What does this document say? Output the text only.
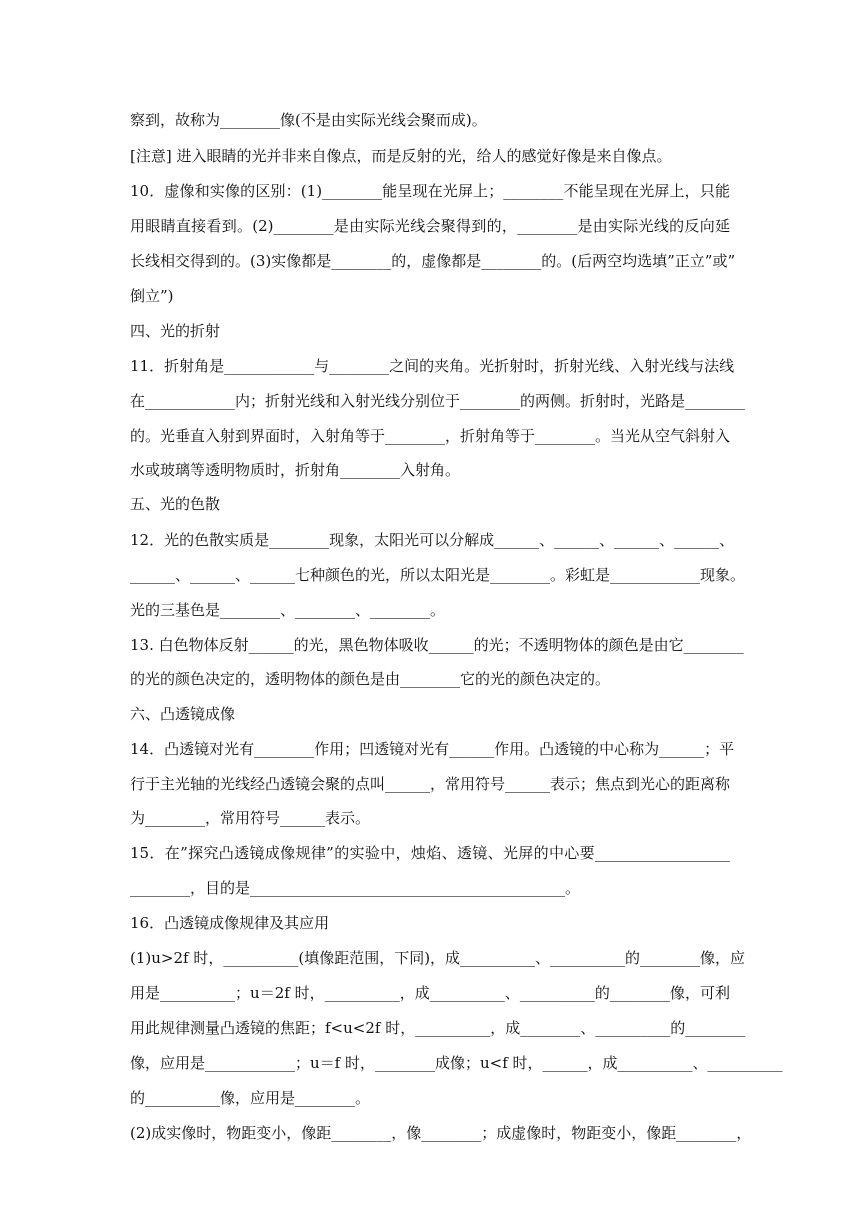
察到，故称为________像(不是由实际光线会聚而成)。
[注意] 进入眼睛的光并非来自像点，而是反射的光，给人的感觉好像是来自像点。
10．虚像和实像的区别：(1)________能呈现在光屏上；________不能呈现在光屏上，只能
用眼睛直接看到。(2)________是由实际光线会聚得到的，________是由实际光线的反向延
长线相交得到的。(3)实像都是________的，虚像都是________的。(后两空均选填”正立”或”
倒立”)
四、光的折射
11．折射角是____________与________之间的夹角。光折射时，折射光线、入射光线与法线
在____________内；折射光线和入射光线分别位于________的两侧。折射时，光路是________
的。光垂直入射到界面时，入射角等于________，折射角等于________。当光从空气斜射入
水或玻璃等透明物质时，折射角________入射角。
五、光的色散
12．光的色散实质是________现象，太阳光可以分解成______、______、______、______、
______、______、______七种颜色的光，所以太阳光是________。彩虹是____________现象。
光的三基色是________、________、________。
13. 白色物体反射______的光，黑色物体吸收______的光；不透明物体的颜色是由它________
的光的颜色决定的，透明物体的颜色是由________它的光的颜色决定的。
六、凸透镜成像
14．凸透镜对光有________作用；凹透镜对光有______作用。凸透镜的中心称为______；平
行于主光轴的光线经凸透镜会聚的点叫______，常用符号______表示；焦点到光心的距离称
为________，常用符号______表示。
15．在”探究凸透镜成像规律”的实验中，烛焰、透镜、光屏的中心要__________________
________，目的是__________________________________________。
16．凸透镜成像规律及其应用
(1)u>2f 时，__________(填像距范围，下同)，成__________、__________的________像，应
用是__________；u＝2f 时，__________，成__________、__________的________像，可利
用此规律测量凸透镜的焦距；f<u<2f 时，__________，成________、__________的________
像，应用是____________；u＝f 时，________成像；u<f 时，______，成__________、__________
的__________像，应用是________。
(2)成实像时，物距变小，像距________，像________；成虚像时，物距变小，像距________，
